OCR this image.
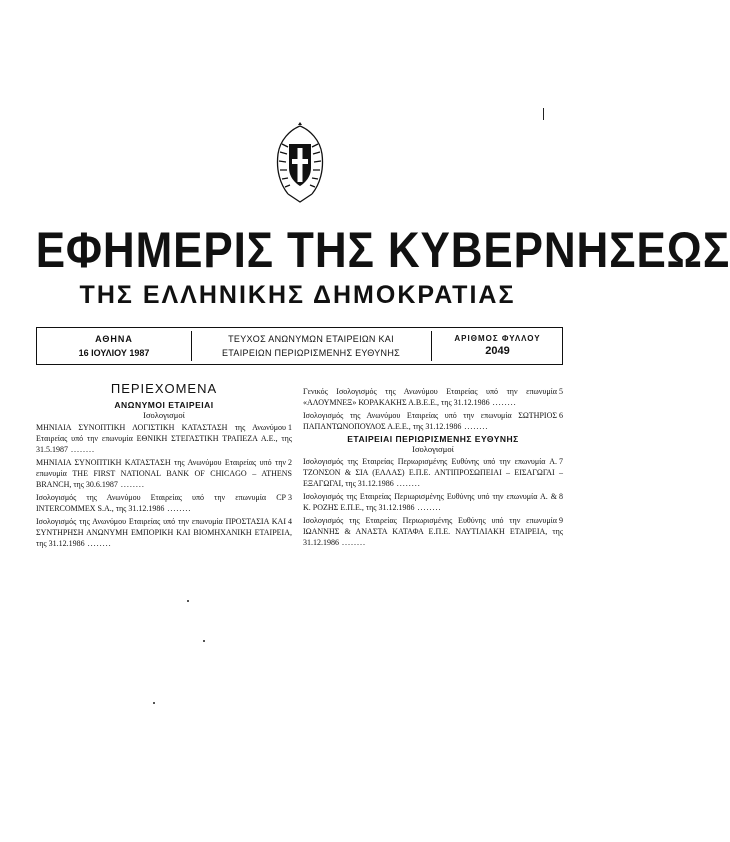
ΕΦΗΜΕΡΙΣ ΤΗΣ ΚΥΒΕΡΝΗΣΕΩΣ
ΤΗΣ ΕΛΛΗΝΙΚΗΣ ΔΗΜΟΚΡΑΤΙΑΣ
ΑΘΗΝΑ
16 ΙΟΥΛΙΟΥ 1987
ΤΕΥΧΟΣ ΑΝΩΝΥΜΩΝ ΕΤΑΙΡΕΙΩΝ ΚΑΙ
ΕΤΑΙΡΕΙΩΝ ΠΕΡΙΩΡΙΣΜΕΝΗΣ ΕΥΘΥΝΗΣ
ΑΡΙΘΜΟΣ ΦΥΛΛΟΥ
2049
ΠΕΡΙΕΧΟΜΕΝΑ
ΑΝΩΝΥΜΟΙ ΕΤΑΙΡΕΙΑΙ
Ισολογισμοί
1
ΜΗΝΙΑΙΑ ΣΥΝΟΠΤΙΚΗ ΛΟΓΙΣΤΙΚΗ ΚΑΤΑΣΤΑΣΗ της Ανωνύμου Εταιρείας υπό την επωνυμία ΕΘΝΙΚΗ ΣΤΕΓΑΣΤΙΚΗ ΤΡΑΠΕΖΑ Α.Ε., της 31.5.1987 ........
2
ΜΗΝΙΑΙΑ ΣΥΝΟΠΤΙΚΗ ΚΑΤΑΣΤΑΣΗ της Ανωνύμου Εταιρείας υπό την επωνυμία THE FIRST NATIONAL BANK OF CHICAGO – ATHENS BRANCH, της 30.6.1987 ........
3
Ισολογισμός της Ανωνύμου Εταιρείας υπό την επωνυμία CP INTERCOMMEX S.A., της 31.12.1986 ........
4
Ισολογισμός της Ανωνύμου Εταιρείας υπό την επωνυμία ΠΡΟΣΤΑΣΙΑ ΚΑΙ ΣΥΝΤΗΡΗΣΗ ΑΝΩΝΥΜΗ ΕΜΠΟΡΙΚΗ ΚΑΙ ΒΙΟΜΗΧΑΝΙΚΗ ΕΤΑΙΡΕΙΑ, της 31.12.1986 ........
5
Γενικός Ισολογισμός της Ανωνύμου Εταιρείας υπό την επωνυμία «ΑΛΟΥΜΝΕΞ» ΚΟΡΑΚΑΚΗΣ Α.Β.Ε.Ε., της 31.12.1986 ........
6
Ισολογισμός της Ανωνύμου Εταιρείας υπό την επωνυμία ΣΩΤΗΡΙΟΣ ΠΑΠΑΝΤΩΝΟΠΟΥΛΟΣ Α.Ε.Ε., της 31.12.1986 ........
ΕΤΑΙΡΕΙΑΙ ΠΕΡΙΩΡΙΣΜΕΝΗΣ ΕΥΘΥΝΗΣ
Ισολογισμοί
7
Ισολογισμός της Εταιρείας Περιωρισμένης Ευθύνης υπό την επωνυμία Α. ΤΖΟΝΣΟΝ & ΣΙΑ (ΕΛΛΑΣ) Ε.Π.Ε. ΑΝΤΙΠΡΟΣΩΠΕΙΑΙ – ΕΙΣΑΓΩΓΑΙ – ΕΞΑΓΩΓΑΙ, της 31.12.1986 ........
8
Ισολογισμός της Εταιρείας Περιωρισμένης Ευθύνης υπό την επωνυμία Α. & Κ. ΡΟΖΗΣ Ε.Π.Ε., της 31.12.1986 ........
9
Ισολογισμός της Εταιρείας Περιωρισμένης Ευθύνης υπό την επωνυμία ΙΩΑΝΝΗΣ & ΑΝΑΣΤΑ ΚΑΤΑΦΑ Ε.Π.Ε. ΝΑΥΤΙΛΙΑΚΗ ΕΤΑΙΡΕΙΑ, της 31.12.1986 ........
